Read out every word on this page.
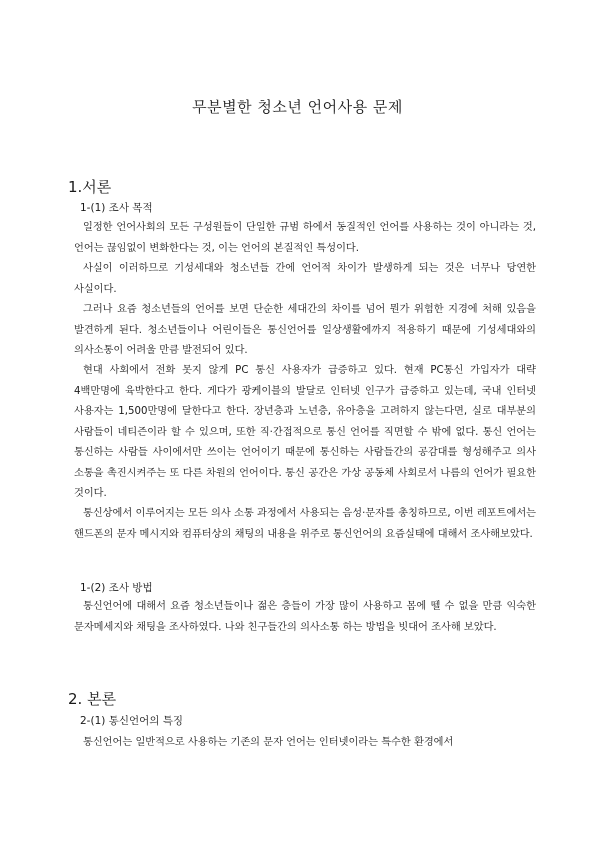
무분별한 청소년 언어사용 문제
1.서론
1-(1) 조사 목적

일정한 언어사회의 모든 구성원들이 단일한 규범 하에서 동질적인 언어를 사용하는 것이 아니라는 것, 언어는 끊임없이 변화한다는 것, 이는 언어의 본질적인 특성이다.

사실이 이러하므로 기성세대와 청소년들 간에 언어적 차이가 발생하게 되는 것은 너무나 당연한 사실이다.

그러나 요즘 청소년들의 언어를 보면 단순한 세대간의 차이를 넘어 뭔가 위험한 지경에 처해 있음을 발견하게 된다. 청소년들이나 어린이들은 통신언어를 일상생활에까지 적용하기 때문에 기성세대와의 의사소통이 어려울 만큼 발전되어 있다.

현대 사회에서 전화 못지 않게 PC 통신 사용자가 급증하고 있다. 현재 PC통신 가입자가 대략 4백만명에 육박한다고 한다. 게다가 광케이블의 발달로 인터넷 인구가 급증하고 있는데, 국내 인터넷 사용자는 1,500만명에 달한다고 한다. 장년층과 노년층, 유아층을 고려하지 않는다면, 실로 대부분의 사람들이 네티즌이라 할 수 있으며, 또한 직·간접적으로 통신 언어를 직면할 수 밖에 없다. 통신 언어는 통신하는 사람들 사이에서만 쓰이는 언어이기 때문에 통신하는 사람들간의 공감대를 형성해주고 의사 소통을 촉진시켜주는 또 다른 차원의 언어이다. 통신 공간은 가상 공동체 사회로서 나름의 언어가 필요한 것이다.

통신상에서 이루어지는 모든 의사 소통 과정에서 사용되는 음성·문자를 총칭하므로, 이번 레포트에서는 핸드폰의 문자 메시지와 컴퓨터상의 채팅의 내용을 위주로 통신언어의 요즘실태에 대해서 조사해보았다.

1-(2) 조사 방법

통신언어에 대해서 요즘 청소년들이나 젊은 층들이 가장 많이 사용하고 몸에 뗄 수 없을 만큼 익숙한 문자메세지와 채팅을 조사하였다. 나와 친구들간의 의사소통 하는 방법을 빗대어 조사해 보았다.

2. 본론
2-(1) 통신언어의 특징

통신언어는 일반적으로 사용하는 기존의 문자 언어는 인터넷이라는 특수한 환경에서
